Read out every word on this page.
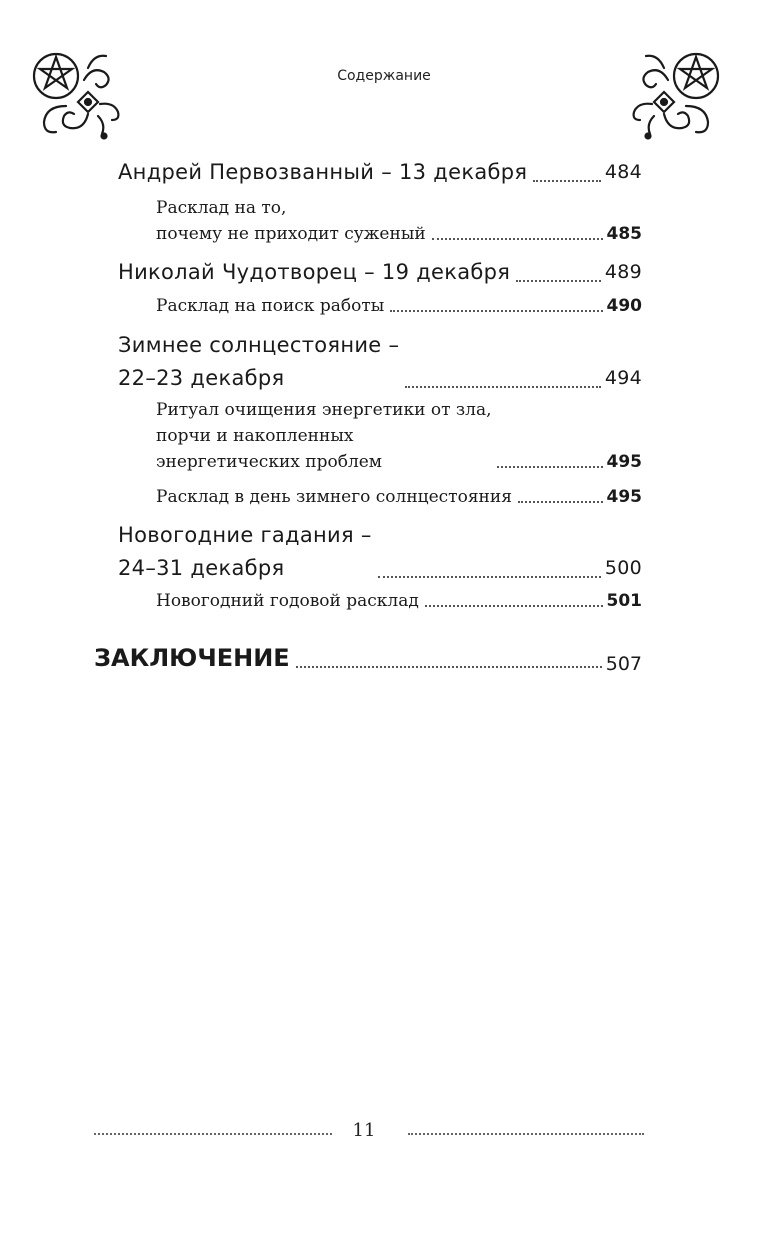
Содержание
Андрей Первозванный – 13 декабря	484
Расклад на то,
почему не приходит суженый	485
Николай Чудотворец – 19 декабря	489
Расклад на поиск работы	490
Зимнее солнцестояние –
22–23 декабря	494
Ритуал очищения энергетики от зла,
порчи и накопленных
энергетических проблем	495
Расклад в день зимнего солнцестояния	495
Новогодние гадания –
24–31 декабря	500
Новогодний годовой расклад	501
ЗАКЛЮЧЕНИЕ	507
11
